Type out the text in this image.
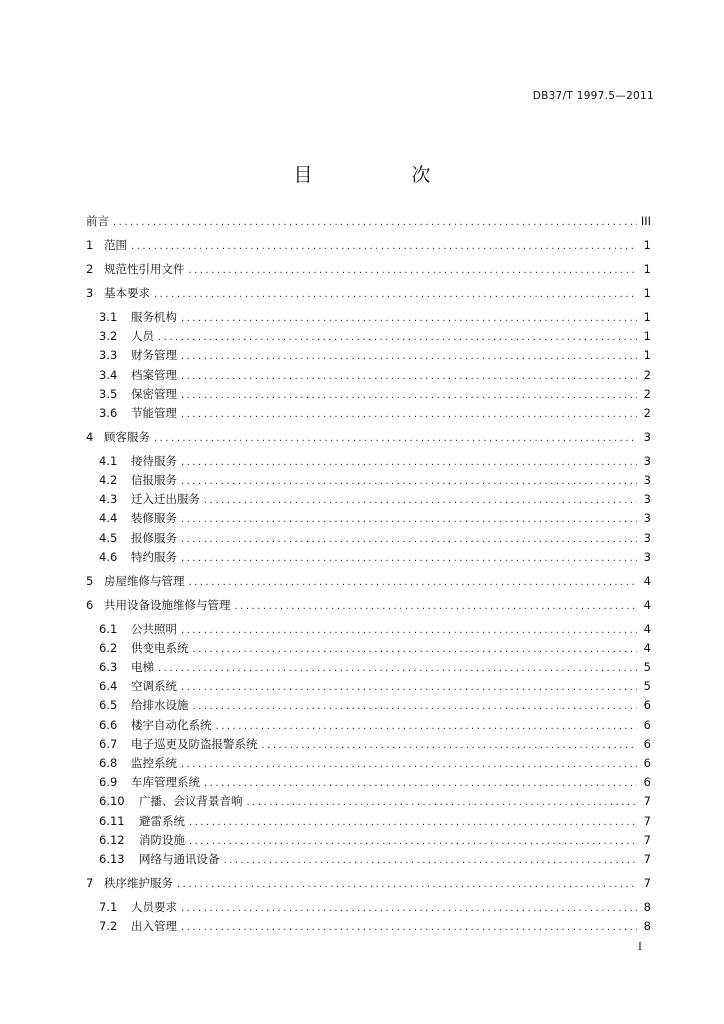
DB37/T 1997.5—2011
目　次
前言 .....	III
1 范围 .....	1
2 规范性引用文件 .....	1
3 基本要求 .....	1
3.1	服务机构 .....	1
3.2	人员 .....	1
3.3	财务管理 .....	1
3.4	档案管理 .....	2
3.5	保密管理 .....	2
3.6	节能管理 .....	2
4 顾客服务 .....	3
4.1	接待服务 .....	3
4.2	信报服务 .....	3
4.3	迁入迁出服务 .....	3
4.4	装修服务 .....	3
4.5	报修服务 .....	3
4.6	特约服务 .....	3
5 房屋维修与管理 .....	4
6 共用设备设施维修与管理 .....	4
6.1	公共照明 .....	4
6.2	供变电系统 .....	4
6.3	电梯 .....	5
6.4	空调系统 .....	5
6.5	给排水设施 .....	6
6.6	楼宇自动化系统 .....	6
6.7	电子巡更及防盗报警系统 .....	6
6.8	监控系统 .....	6
6.9	车库管理系统 .....	6
6.10	广播、会议背景音响 .....	7
6.11	避雷系统 .....	7
6.12	消防设施 .....	7
6.13	网络与通讯设备 .....	7
7 秩序维护服务 .....	7
7.1	人员要求 .....	8
7.2	出入管理 .....	8
I
